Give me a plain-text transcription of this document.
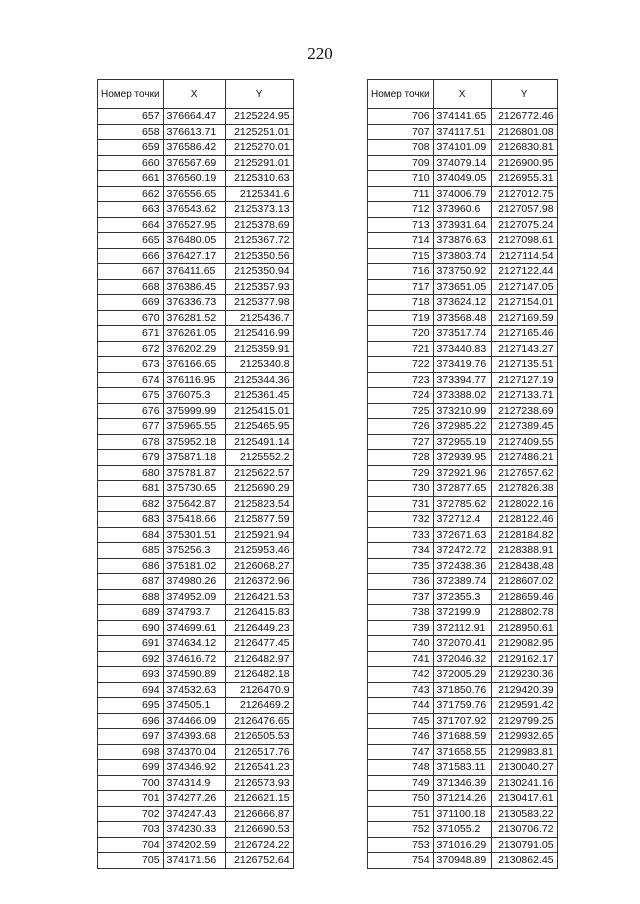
220
Номер точки	X	Y
657	376664.47	2125224.95
658	376613.71	2125251.01
659	376586.42	2125270.01
660	376567.69	2125291.01
661	376560.19	2125310.63
662	376556.65	2125341.6
663	376543.62	2125373.13
664	376527.95	2125378.69
665	376480.05	2125367.72
666	376427.17	2125350.56
667	376411.65	2125350.94
668	376386.45	2125357.93
669	376336.73	2125377.98
670	376281.52	2125436.7
671	376261.05	2125416.99
672	376202.29	2125359.91
673	376166.65	2125340.8
674	376116.95	2125344.36
675	376075.3	2125361.45
676	375999.99	2125415.01
677	375965.55	2125465.95
678	375952.18	2125491.14
679	375871.18	2125552.2
680	375781.87	2125622.57
681	375730.65	2125690.29
682	375642.87	2125823.54
683	375418.66	2125877.59
684	375301.51	2125921.94
685	375256.3	2125953.46
686	375181.02	2126068.27
687	374980.26	2126372.96
688	374952.09	2126421.53
689	374793.7	2126415.83
690	374699.61	2126449.23
691	374634.12	2126477.45
692	374616.72	2126482.97
693	374590.89	2126482.18
694	374532.63	2126470.9
695	374505.1	2126469.2
696	374466.09	2126476.65
697	374393.68	2126505.53
698	374370.04	2126517.76
699	374346.92	2126541.23
700	374314.9	2126573.93
701	374277.26	2126621.15
702	374247.43	2126666.87
703	374230.33	2126690.53
704	374202.59	2126724.22
705	374171.56	2126752.64
Номер точки	X	Y
706	374141.65	2126772.46
707	374117.51	2126801.08
708	374101.09	2126830.81
709	374079.14	2126900.95
710	374049.05	2126955.31
711	374006.79	2127012.75
712	373960.6	2127057.98
713	373931.64	2127075.24
714	373876.63	2127098.61
715	373803.74	2127114.54
716	373750.92	2127122.44
717	373651.05	2127147.05
718	373624.12	2127154.01
719	373568.48	2127169.59
720	373517.74	2127165.46
721	373440.83	2127143.27
722	373419.76	2127135.51
723	373394.77	2127127.19
724	373388.02	2127133.71
725	373210.99	2127238.69
726	372985.22	2127389.45
727	372955.19	2127409.55
728	372939.95	2127486.21
729	372921.96	2127657.62
730	372877.65	2127826.38
731	372785.62	2128022.16
732	372712.4	2128122.46
733	372671.63	2128184.82
734	372472.72	2128388.91
735	372438.36	2128438.48
736	372389.74	2128607.02
737	372355.3	2128659.46
738	372199.9	2128802.78
739	372112.91	2128950.61
740	372070.41	2129082.95
741	372046.32	2129162.17
742	372005.29	2129230.36
743	371850.76	2129420.39
744	371759.76	2129591.42
745	371707.92	2129799.25
746	371688.59	2129932.65
747	371658.55	2129983.81
748	371583.11	2130040.27
749	371346.39	2130241.16
750	371214.26	2130417.61
751	371100.18	2130583.22
752	371055.2	2130706.72
753	371016.29	2130791.05
754	370948.89	2130862.45
